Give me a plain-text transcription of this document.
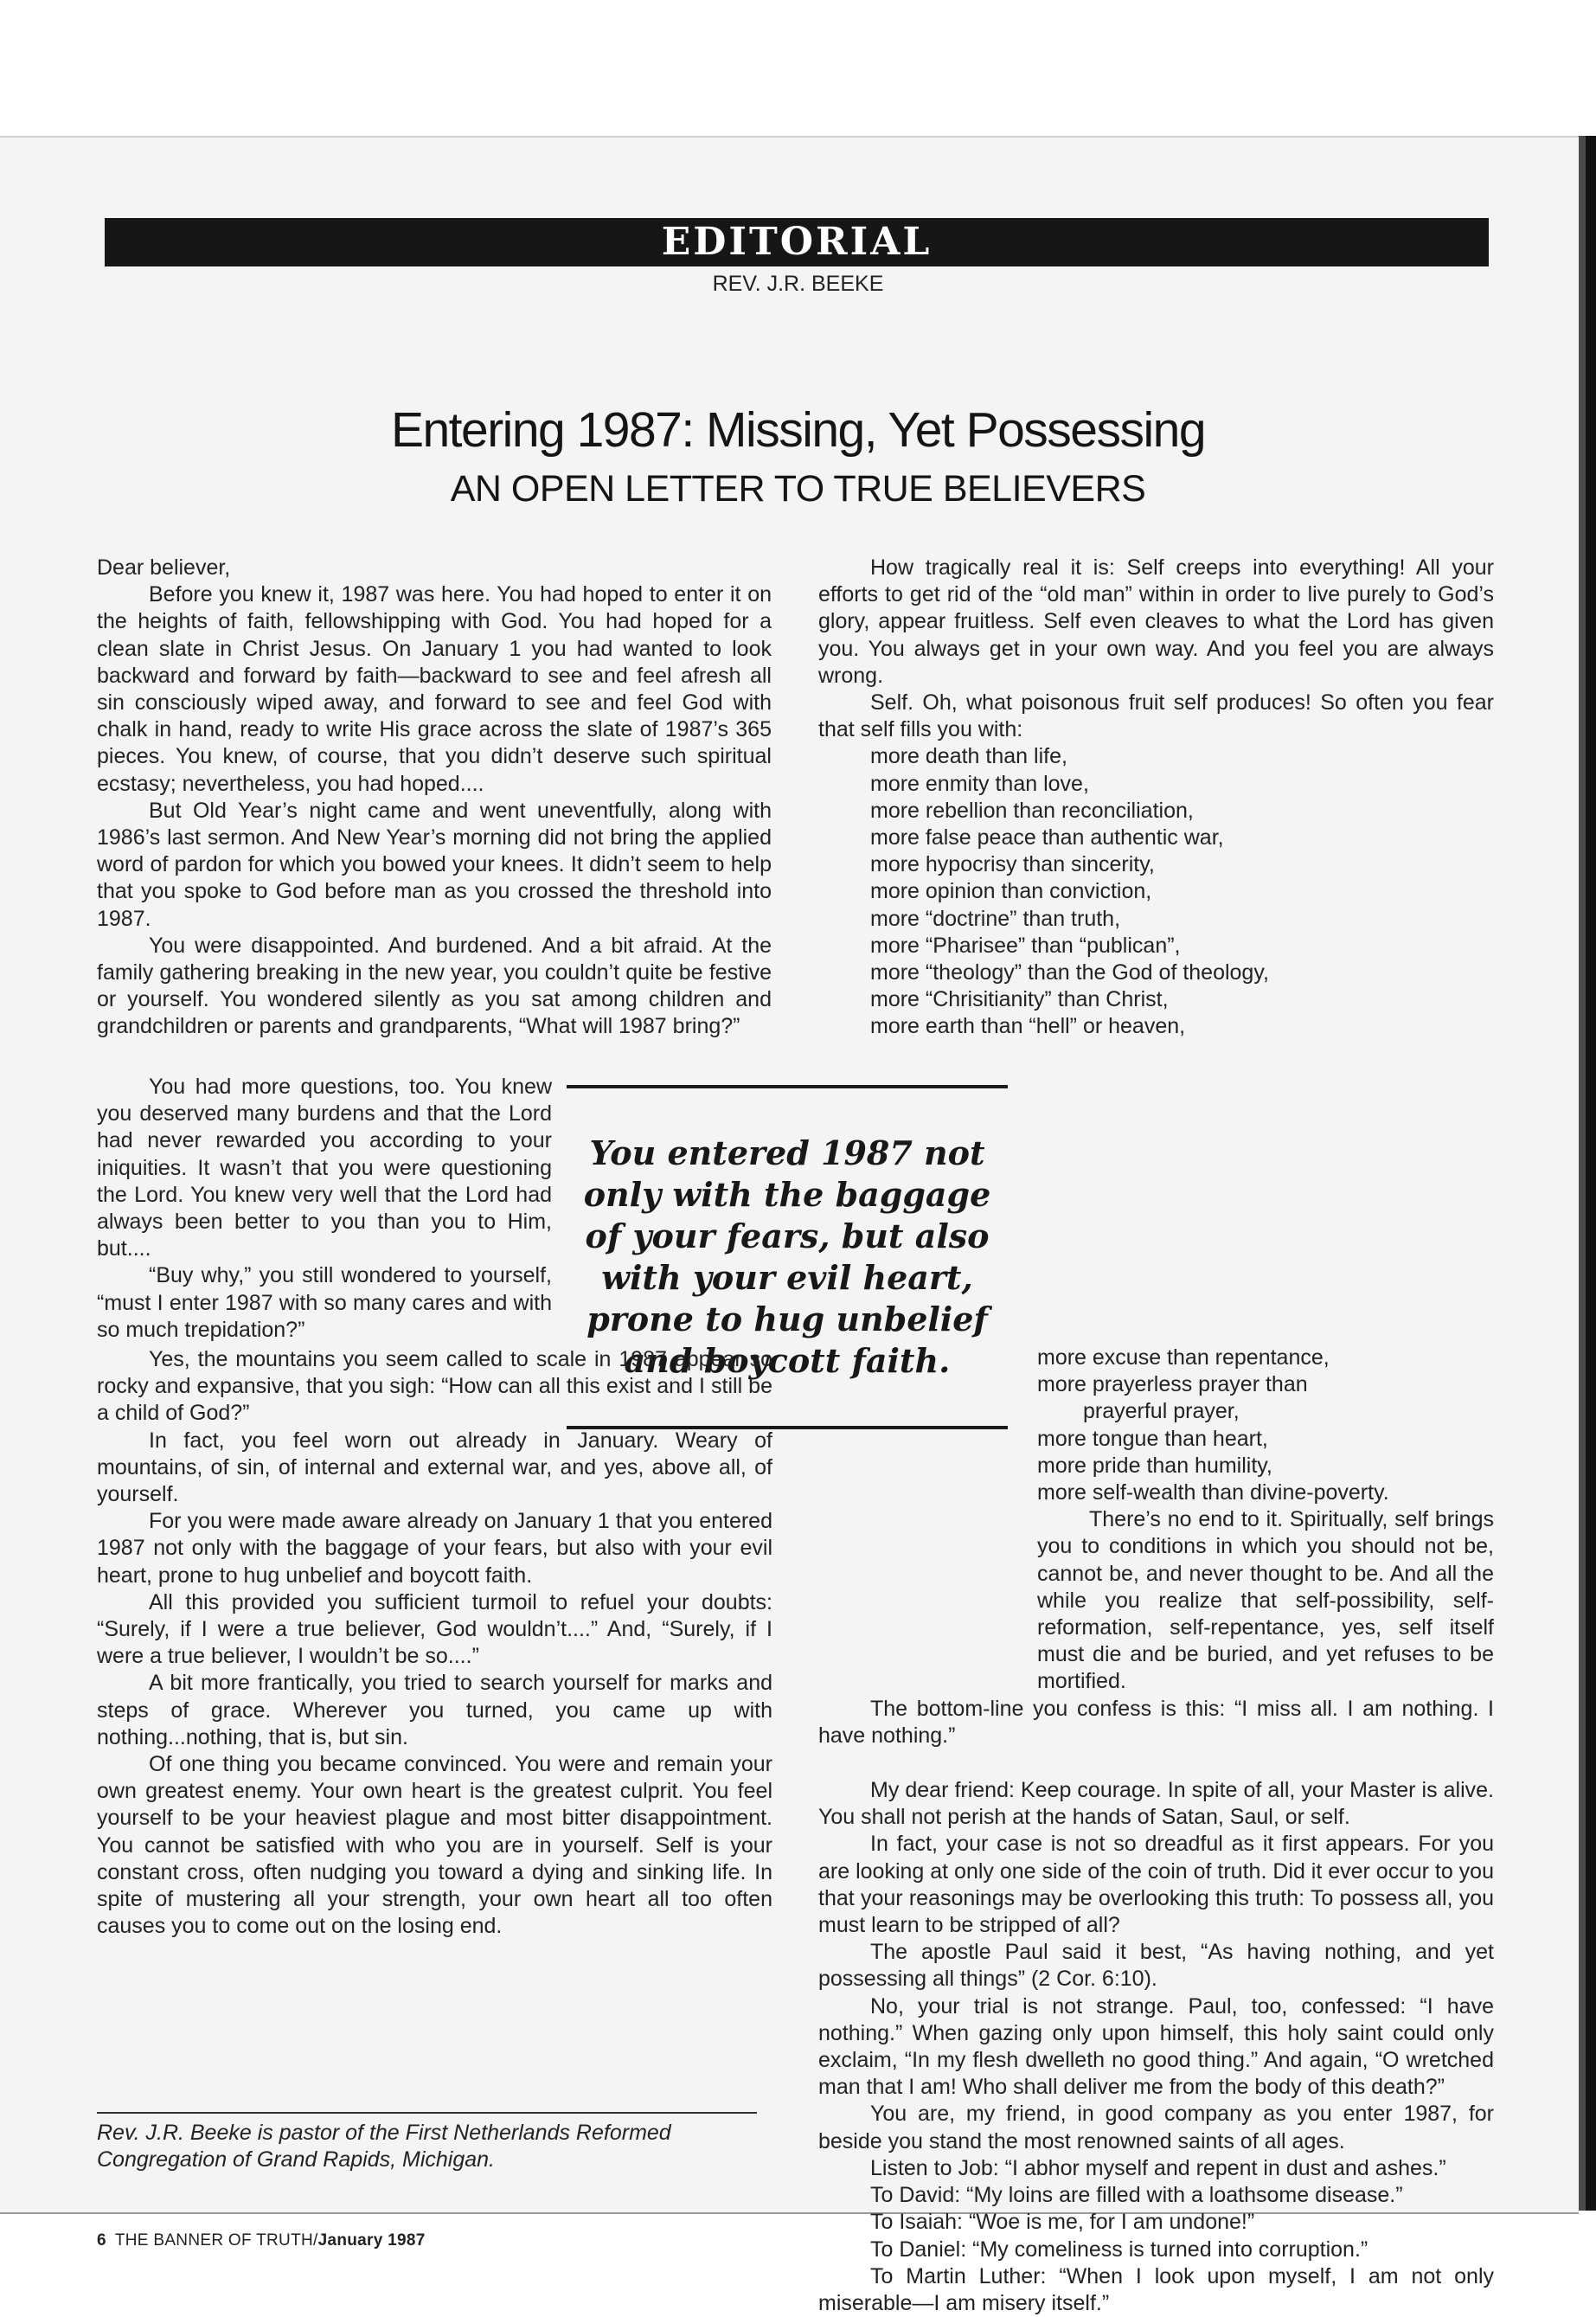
EDITORIAL
REV. J.R. BEEKE
Entering 1987: Missing, Yet Possessing
AN OPEN LETTER TO TRUE BELIEVERS

Dear believer,

Before you knew it, 1987 was here. You had hoped to enter it on the heights of faith, fellowshipping with God. You had hoped for a clean slate in Christ Jesus. On January 1 you had wanted to look backward and forward by faith—backward to see and feel afresh all sin consciously wiped away, and forward to see and feel God with chalk in hand, ready to write His grace across the slate of 1987’s 365 pieces. You knew, of course, that you didn’t deserve such spiritual ecstasy; nevertheless, you had hoped....

But Old Year’s night came and went uneventfully, along with 1986’s last sermon. And New Year’s morning did not bring the applied word of pardon for which you bowed your knees. It didn’t seem to help that you spoke to God before man as you crossed the threshold into 1987.

You were disappointed. And burdened. And a bit afraid. At the family gathering breaking in the new year, you couldn’t quite be festive or yourself. You wondered silently as you sat among children and grandchildren or parents and grandparents, “What will 1987 bring?”

You had more questions, too. You knew you deserved many burdens and that the Lord had never rewarded you according to your iniquities. It wasn’t that you were questioning the Lord. You knew very well that the Lord had always been better to you than you to Him, but....

“Buy why,” you still wondered to yourself, “must I enter 1987 with so many cares and with so much trepidation?”

You entered 1987 not only with the baggage of your fears, but also with your evil heart, prone to hug unbelief and boycott faith.

Yes, the mountains you seem called to scale in 1987 appear so rocky and expansive, that you sigh: “How can all this exist and I still be a child of God?”

In fact, you feel worn out already in January. Weary of mountains, of sin, of internal and external war, and yes, above all, of yourself.

For you were made aware already on January 1 that you entered 1987 not only with the baggage of your fears, but also with your evil heart, prone to hug unbelief and boycott faith.

All this provided you sufficient turmoil to refuel your doubts: “Surely, if I were a true believer, God wouldn’t....” And, “Surely, if I were a true believer, I wouldn’t be so....”

A bit more frantically, you tried to search yourself for marks and steps of grace. Wherever you turned, you came up with nothing...nothing, that is, but sin.

Of one thing you became convinced. You were and remain your own greatest enemy. Your own heart is the greatest culprit. You feel yourself to be your heaviest plague and most bitter disappointment. You cannot be satisfied with who you are in yourself. Self is your constant cross, often nudging you toward a dying and sinking life. In spite of mustering all your strength, your own heart all too often causes you to come out on the losing end.

How tragically real it is: Self creeps into everything! All your efforts to get rid of the “old man” within in order to live purely to God’s glory, appear fruitless. Self even cleaves to what the Lord has given you. You always get in your own way. And you feel you are always wrong.

Self. Oh, what poisonous fruit self produces! So often you fear that self fills you with:

more death than life,
more enmity than love,
more rebellion than reconciliation,
more false peace than authentic war,
more hypocrisy than sincerity,
more opinion than conviction,
more “doctrine” than truth,
more “Pharisee” than “publican”,
more “theology” than the God of theology,
more “Chrisitianity” than Christ,
more earth than “hell” or heaven,
more excuse than repentance,
more prayerless prayer than
prayerful prayer,
more tongue than heart,
more pride than humility,
more self-wealth than divine-poverty.

There’s no end to it. Spiritually, self brings you to conditions in which you should not be, cannot be, and never thought to be. And all the while you realize that self-possibility, self-reformation, self-repentance, yes, self itself must die and be buried, and yet refuses to be mortified.

The bottom-line you confess is this: “I miss all. I am nothing. I have nothing.”

My dear friend: Keep courage. In spite of all, your Master is alive. You shall not perish at the hands of Satan, Saul, or self.

In fact, your case is not so dreadful as it first appears. For you are looking at only one side of the coin of truth. Did it ever occur to you that your reasonings may be overlooking this truth: To possess all, you must learn to be stripped of all?

The apostle Paul said it best, “As having nothing, and yet possessing all things” (2 Cor. 6:10).

No, your trial is not strange. Paul, too, confessed: “I have nothing.” When gazing only upon himself, this holy saint could only exclaim, “In my flesh dwelleth no good thing.” And again, “O wretched man that I am! Who shall deliver me from the body of this death?”

You are, my friend, in good company as you enter 1987, for beside you stand the most renowned saints of all ages.

Listen to Job: “I abhor myself and repent in dust and ashes.”

To David: “My loins are filled with a loathsome disease.”

To Isaiah: “Woe is me, for I am undone!”

To Daniel: “My comeliness is turned into corruption.”

To Martin Luther: “When I look upon myself, I am not only miserable—I am misery itself.”

Rev. J.R. Beeke is pastor of the First Netherlands Reformed Congregation of Grand Rapids, Michigan.
6 THE BANNER OF TRUTH/January 1987
